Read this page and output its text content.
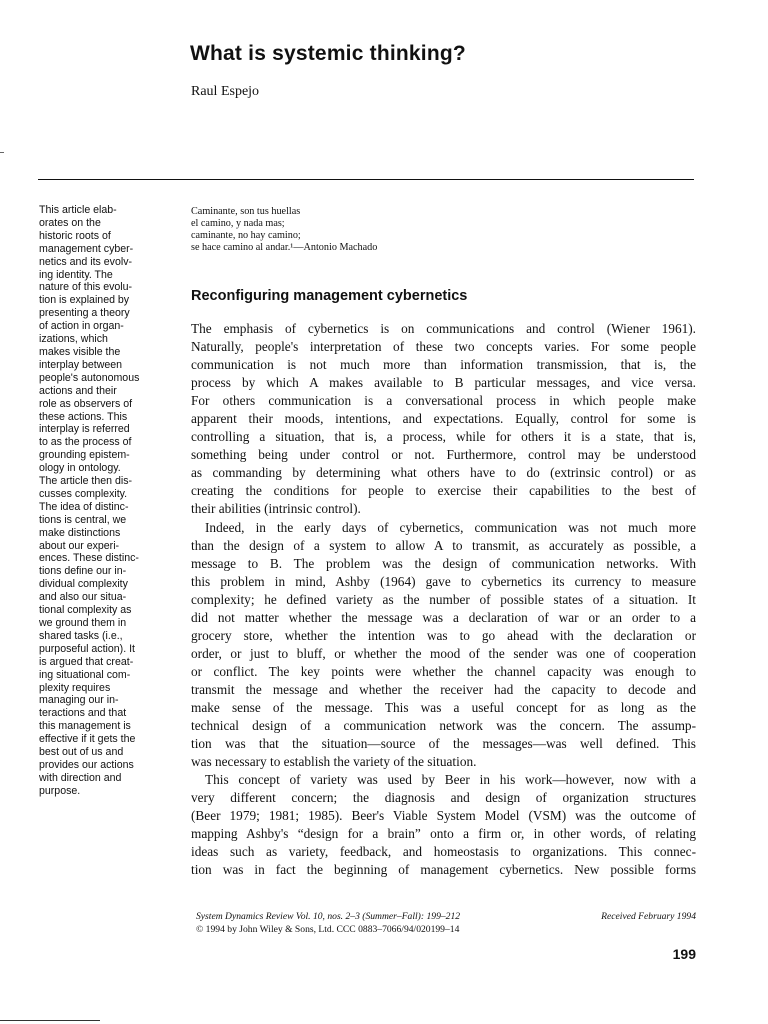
What is systemic thinking?
Raul Espejo
This article elab-
orates on the
historic roots of
management cyber-
netics and its evolv-
ing identity. The
nature of this evolu-
tion is explained by
presenting a theory
of action in organ-
izations, which
makes visible the
interplay between
people's autonomous
actions and their
role as observers of
these actions. This
interplay is referred
to as the process of
grounding epistem-
ology in ontology.
The article then dis-
cusses complexity.
The idea of distinc-
tions is central, we
make distinctions
about our experi-
ences. These distinc-
tions define our in-
dividual complexity
and also our situa-
tional complexity as
we ground them in
shared tasks (i.e.,
purposeful action). It
is argued that creat-
ing situational com-
plexity requires
managing our in-
teractions and that
this management is
effective if it gets the
best out of us and
provides our actions
with direction and
purpose.
Caminante, son tus huellas
el camino, y nada mas;
caminante, no hay camino;
se hace camino al andar.¹—Antonio Machado
Reconfiguring management cybernetics
The emphasis of cybernetics is on communications and control (Wiener 1961).
Naturally, people's interpretation of these two concepts varies. For some people
communication is not much more than information transmission, that is, the
process by which A makes available to B particular messages, and vice versa.
For others communication is a conversational process in which people make
apparent their moods, intentions, and expectations. Equally, control for some is
controlling a situation, that is, a process, while for others it is a state, that is,
something being under control or not. Furthermore, control may be understood
as commanding by determining what others have to do (extrinsic control) or as
creating the conditions for people to exercise their capabilities to the best of
their abilities (intrinsic control).
Indeed, in the early days of cybernetics, communication was not much more
than the design of a system to allow A to transmit, as accurately as possible, a
message to B. The problem was the design of communication networks. With
this problem in mind, Ashby (1964) gave to cybernetics its currency to measure
complexity; he defined variety as the number of possible states of a situation. It
did not matter whether the message was a declaration of war or an order to a
grocery store, whether the intention was to go ahead with the declaration or
order, or just to bluff, or whether the mood of the sender was one of cooperation
or conflict. The key points were whether the channel capacity was enough to
transmit the message and whether the receiver had the capacity to decode and
make sense of the message. This was a useful concept for as long as the
technical design of a communication network was the concern. The assump-
tion was that the situation—source of the messages—was well defined. This
was necessary to establish the variety of the situation.
This concept of variety was used by Beer in his work—however, now with a
very different concern; the diagnosis and design of organization structures
(Beer 1979; 1981; 1985). Beer's Viable System Model (VSM) was the outcome of
mapping Ashby's “design for a brain” onto a firm or, in other words, of relating
ideas such as variety, feedback, and homeostasis to organizations. This connec-
tion was in fact the beginning of management cybernetics. New possible forms
System Dynamics Review Vol. 10, nos. 2–3 (Summer–Fall): 199–212
© 1994 by John Wiley & Sons, Ltd. CCC 0883–7066/94/020199–14
Received February 1994
199
